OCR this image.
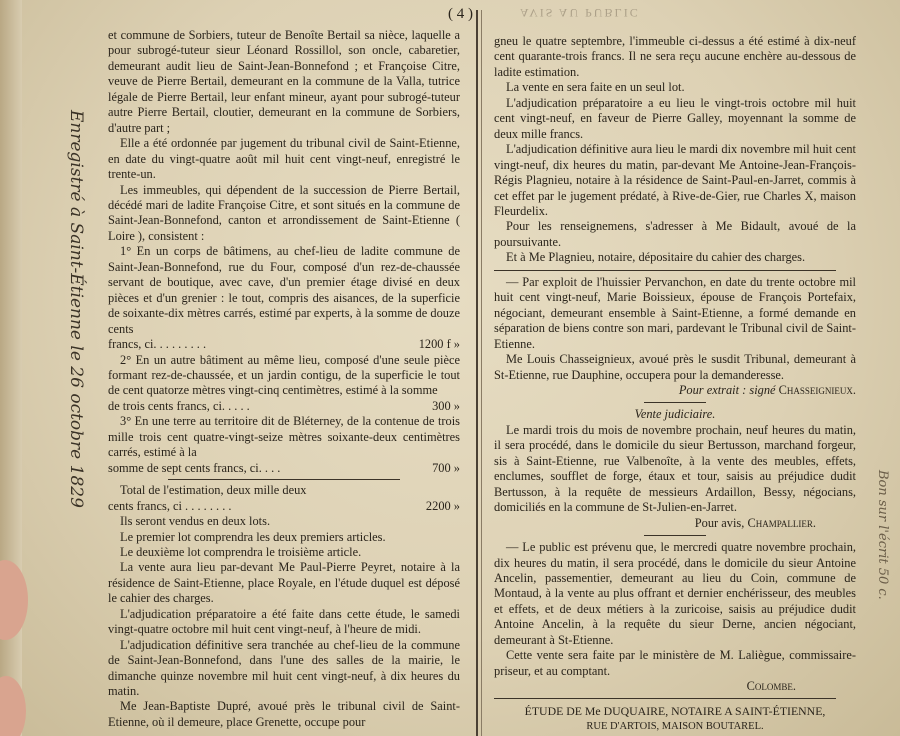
AVIS AU PUBLIC
( 4 )
Enregistré à Saint-Étienne le 26 octobre 1829
Bon sur l'écrit 50 c.

et commune de Sorbiers, tuteur de Benoîte Bertail sa nièce, laquelle a pour subrogé-tuteur sieur Léonard Rossillol, son oncle, cabaretier, demeurant audit lieu de Saint-Jean-Bonnefond ; et Françoise Citre, veuve de Pierre Bertail, demeurant en la commune de la Valla, tutrice légale de Pierre Bertail, leur enfant mineur, ayant pour subrogé-tuteur autre Pierre Bertail, cloutier, demeurant en la commune de Sorbiers, d'autre part ;

Elle a été ordonnée par jugement du tribunal civil de Saint-Etienne, en date du vingt-quatre août mil huit cent vingt-neuf, enregistré le trente-un.

Les immeubles, qui dépendent de la succession de Pierre Bertail, décédé mari de ladite Françoise Citre, et sont situés en la commune de Saint-Jean-Bonnefond, canton et arrondissement de Saint-Etienne ( Loire ), consistent :

1° En un corps de bâtimens, au chef-lieu de ladite commune de Saint-Jean-Bonnefond, rue du Four, composé d'un rez-de-chaussée servant de boutique, avec cave, d'un premier étage divisé en deux pièces et d'un grenier : le tout, compris des aisances, de la superficie de soixante-dix mètres carrés, estimé par experts, à la somme de douze cents

francs, ci. . . . . . . . .	1200 f »

2° En un autre bâtiment au même lieu, composé d'une seule pièce formant rez-de-chaussée, et un jardin contigu, de la superficie le tout de cent quatorze mètres vingt-cinq centimètres, estimé à la somme

de trois cents francs, ci. . . . .	300 »

3° En une terre au territoire dit de Bléterney, de la contenue de trois mille trois cent quatre-vingt-seize mètres soixante-deux centimètres carrés, estimé à la

somme de sept cents francs, ci. . . .	700 »

Total de l'estimation, deux mille deux

cents francs, ci . . . . . . . .	2200 »

Ils seront vendus en deux lots.

Le premier lot comprendra les deux premiers articles.

Le deuxième lot comprendra le troisième article.

La vente aura lieu par-devant Me Paul-Pierre Peyret, notaire à la résidence de Saint-Etienne, place Royale, en l'étude duquel est déposé le cahier des charges.

L'adjudication préparatoire a été faite dans cette étude, le samedi vingt-quatre octobre mil huit cent vingt-neuf, à l'heure de midi.

L'adjudication définitive sera tranchée au chef-lieu de la commune de Saint-Jean-Bonnefond, dans l'une des salles de la mairie, le dimanche quinze novembre mil huit cent vingt-neuf, à dix heures du matin.

Me Jean-Baptiste Dupré, avoué près le tribunal civil de Saint-Etienne, où il demeure, place Grenette, occupe pour

gneu le quatre septembre, l'immeuble ci-dessus a été estimé à dix-neuf cent quarante-trois francs. Il ne sera reçu aucune enchère au-dessous de ladite estimation.

La vente en sera faite en un seul lot.

L'adjudication préparatoire a eu lieu le vingt-trois octobre mil huit cent vingt-neuf, en faveur de Pierre Galley, moyennant la somme de deux mille francs.

L'adjudication définitive aura lieu le mardi dix novembre mil huit cent vingt-neuf, dix heures du matin, par-devant Me Antoine-Jean-François-Régis Plagnieu, notaire à la résidence de Saint-Paul-en-Jarret, commis à cet effet par le jugement prédaté, à Rive-de-Gier, rue Charles X, maison Fleurdelix.

Pour les renseignemens, s'adresser à Me Bidault, avoué de la poursuivante.

Et à Me Plagnieu, notaire, dépositaire du cahier des charges.

— Par exploit de l'huissier Pervanchon, en date du trente octobre mil huit cent vingt-neuf, Marie Boissieux, épouse de François Portefaix, négociant, demeurant ensemble à Saint-Etienne, a formé demande en séparation de biens contre son mari, pardevant le Tribunal civil de Saint-Etienne.

Me Louis Chasseignieux, avoué près le susdit Tribunal, demeurant à St-Etienne, rue Dauphine, occupera pour la demanderesse.

Pour extrait : signé Chasseignieux.

Vente judiciaire.

Le mardi trois du mois de novembre prochain, neuf heures du matin, il sera procédé, dans le domicile du sieur Bertusson, marchand forgeur, sis à Saint-Etienne, rue Valbenoîte, à la vente des meubles, effets, enclumes, soufflet de forge, étaux et tour, saisis au préjudice dudit Bertusson, à la requête de messieurs Ardaillon, Bessy, négocians, domiciliés en la commune de St-Julien-en-Jarret.

Pour avis, Champallier.

— Le public est prévenu que, le mercredi quatre novembre prochain, dix heures du matin, il sera procédé, dans le domicile du sieur Antoine Ancelin, passementier, demeurant au lieu du Coin, commune de Montaud, à la vente au plus offrant et dernier enchérisseur, des meubles et effets, et de deux métiers à la zuricoise, saisis au préjudice dudit Antoine Ancelin, à la requête du sieur Derne, ancien négociant, demeurant à St-Etienne.

Cette vente sera faite par le ministère de M. Laliègue, commissaire-priseur, et au comptant.

Colombe.

ÉTUDE DE Me DUQUAIRE, NOTAIRE A SAINT-ÉTIENNE,
RUE D'ARTOIS, MAISON BOUTAREL.
